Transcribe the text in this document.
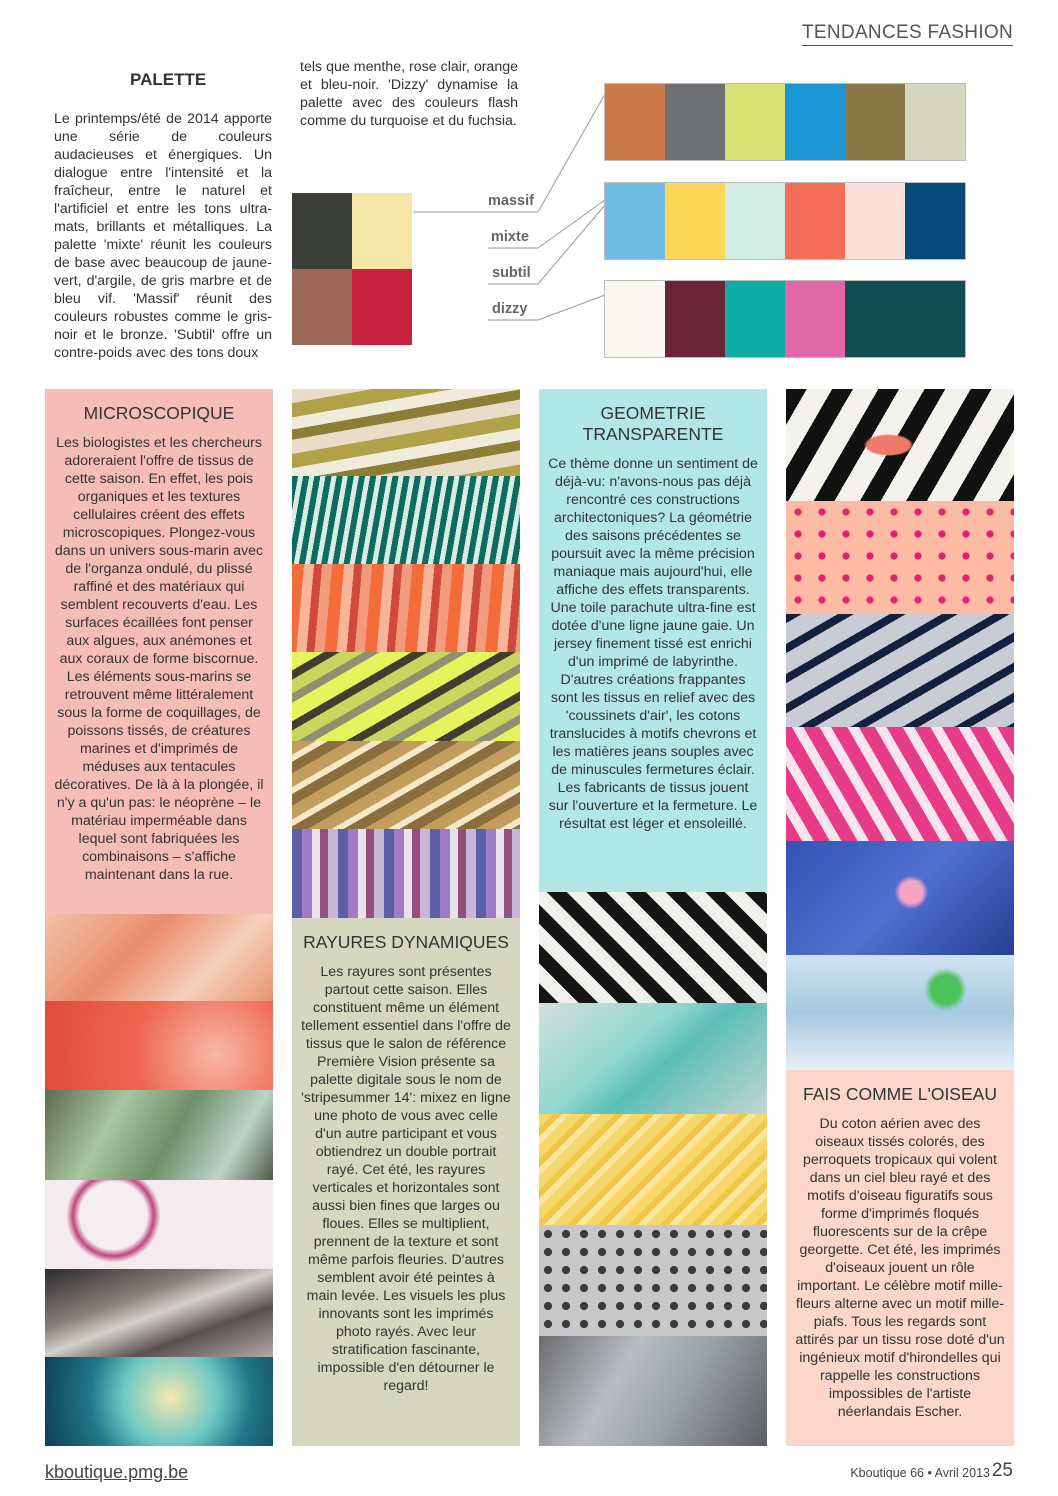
TENDANCES FASHION
PALETTE
Le printemps/été de 2014 apporte une série de couleurs audacieuses et énergiques. Un dialogue entre l'intensité et la fraîcheur, entre le naturel et l'artificiel et entre les tons ultra-mats, brillants et métalliques. La palette 'mixte' réunit les couleurs de base avec beaucoup de jaune-vert, d'argile, de gris marbre et de bleu vif. 'Massif' réunit des couleurs robustes comme le gris-noir et le bronze. 'Subtil' offre un contre-poids avec des tons doux
tels que menthe, rose clair, orange et bleu-noir. 'Dizzy' dynamise la palette avec des couleurs flash comme du turquoise et du fuchsia.
massif
mixte
subtil
dizzy
MICROSCOPIQUE
Les biologistes et les chercheurs adoreraient l'offre de tissus de cette saison. En effet, les pois organiques et les textures cellulaires créent des effets microscopiques. Plongez-vous dans un univers sous-marin avec de l'organza ondulé, du plissé raffiné et des matériaux qui semblent recouverts d'eau. Les surfaces écaillées font penser aux algues, aux anémones et aux coraux de forme biscornue. Les éléments sous-marins se retrouvent même littéralement sous la forme de coquillages, de poissons tissés, de créatures marines et d'imprimés de méduses aux tentacules décoratives. De là à la plongée, il n'y a qu'un pas: le néoprène – le matériau imperméable dans lequel sont fabriquées les combinaisons – s'affiche maintenant dans la rue.
RAYURES DYNAMIQUES
Les rayures sont présentes partout cette saison. Elles constituent même un élément tellement essentiel dans l'offre de tissus que le salon de référence Première Vision présente sa palette digitale sous le nom de 'stripesummer 14': mixez en ligne une photo de vous avec celle d'un autre participant et vous obtiendrez un double portrait rayé. Cet été, les rayures verticales et horizontales sont aussi bien fines que larges ou floues. Elles se multiplient, prennent de la texture et sont même parfois fleuries. D'autres semblent avoir été peintes à main levée. Les visuels les plus innovants sont les imprimés photo rayés. Avec leur stratification fascinante, impossible d'en détourner le regard!
GEOMETRIE TRANSPARENTE
Ce thème donne un sentiment de déjà-vu: n'avons-nous pas déjà rencontré ces constructions architectoniques? La géométrie des saisons précédentes se poursuit avec la même précision maniaque mais aujourd'hui, elle affiche des effets transparents. Une toile parachute ultra-fine est dotée d'une ligne jaune gaie. Un jersey finement tissé est enrichi d'un imprimé de labyrinthe. D'autres créations frappantes sont les tissus en relief avec des 'coussinets d'air', les cotons translucides à motifs chevrons et les matières jeans souples avec de minuscules fermetures éclair. Les fabricants de tissus jouent sur l'ouverture et la fermeture. Le résultat est léger et ensoleillé.
FAIS COMME L'OISEAU
Du coton aérien avec des oiseaux tissés colorés, des perroquets tropicaux qui volent dans un ciel bleu rayé et des motifs d'oiseau figuratifs sous forme d'imprimés floqués fluorescents sur de la crêpe georgette. Cet été, les imprimés d'oiseaux jouent un rôle important. Le célèbre motif mille-fleurs alterne avec un motif mille-piafs. Tous les regards sont attirés par un tissu rose doté d'un ingénieux motif d'hirondelles qui rappelle les constructions impossibles de l'artiste néerlandais Escher.
kboutique.pmg.be	Kboutique 66 • Avril 2013 25
